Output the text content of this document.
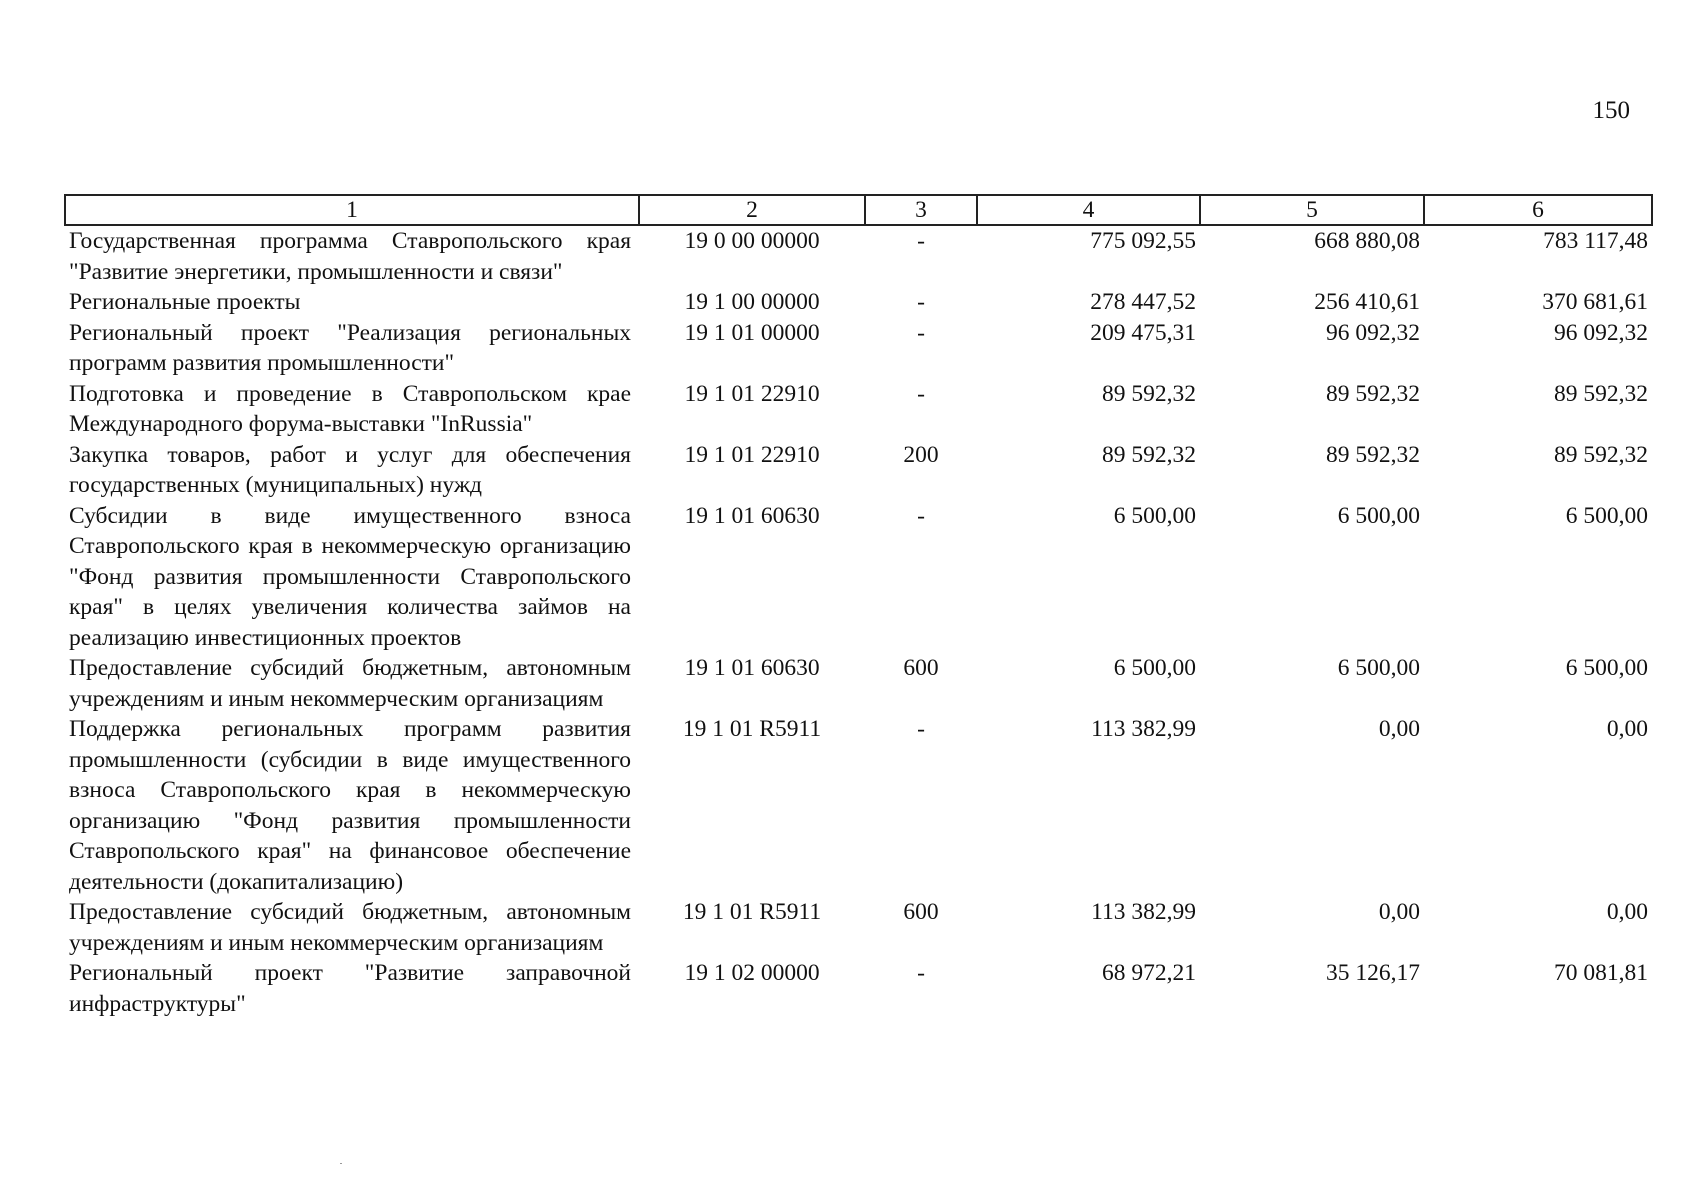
150
1	2	3	4	5	6
Государственная программа Ставропольского края "Развитие энергетики, промышленности и связи"	19 0 00 00000	-	775 092,55	668 880,08	783 117,48
Региональные проекты	19 1 00 00000	-	278 447,52	256 410,61	370 681,61
Региональный проект "Реализация региональных программ развития промышленности"	19 1 01 00000	-	209 475,31	96 092,32	96 092,32
Подготовка и проведение в Ставропольском крае Международного форума-выставки "InRussia"	19 1 01 22910	-	89 592,32	89 592,32	89 592,32
Закупка товаров, работ и услуг для обеспечения государственных (муниципальных) нужд	19 1 01 22910	200	89 592,32	89 592,32	89 592,32
Субсидии в виде имущественного взноса Ставропольского края в некоммерческую организацию "Фонд развития промышленности Ставропольского края" в целях увеличения количества займов на реализацию инвестиционных проектов	19 1 01 60630	-	6 500,00	6 500,00	6 500,00
Предоставление субсидий бюджетным, автономным учреждениям и иным некоммерческим организациям	19 1 01 60630	600	6 500,00	6 500,00	6 500,00
Поддержка региональных программ развития промышленности (субсидии в виде имущественного взноса Ставропольского края в некоммерческую организацию "Фонд развития промышленности Ставропольского края" на финансовое обеспечение деятельности (докапитализацию)	19 1 01 R5911	-	113 382,99	0,00	0,00
Предоставление субсидий бюджетным, автономным учреждениям и иным некоммерческим организациям	19 1 01 R5911	600	113 382,99	0,00	0,00
Региональный проект "Развитие заправочной инфраструктуры"	19 1 02 00000	-	68 972,21	35 126,17	70 081,81
